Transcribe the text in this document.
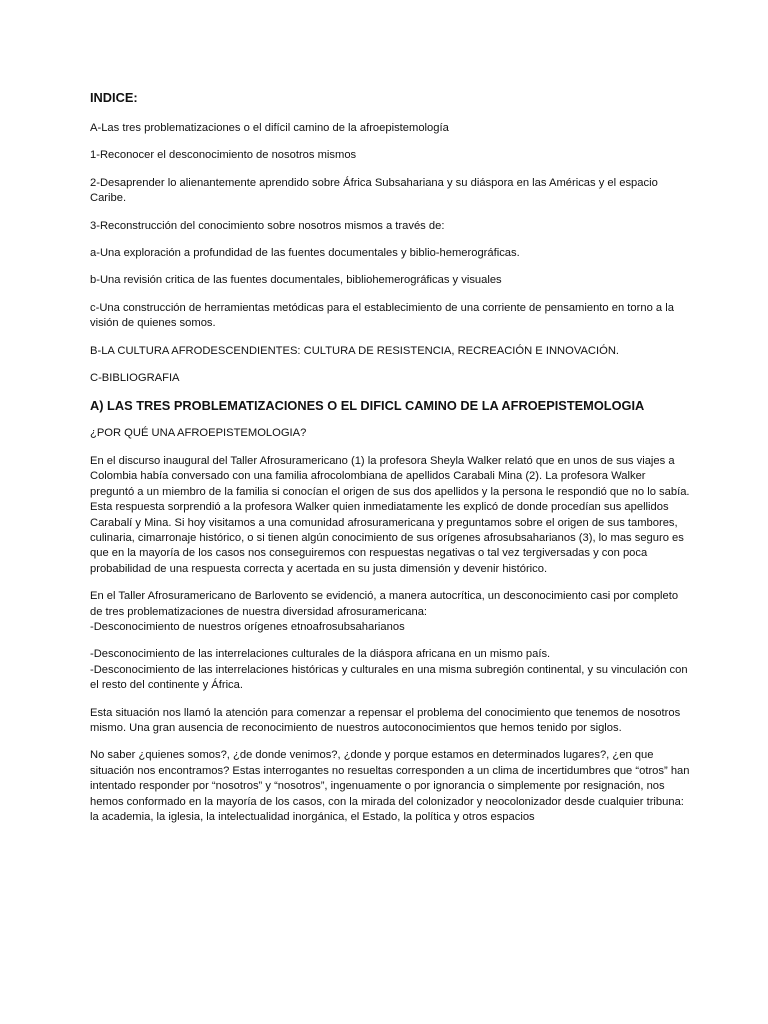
INDICE:

A-Las tres problematizaciones o el difícil camino de la afroepistemología

1-Reconocer el desconocimiento de nosotros mismos

2-Desaprender lo alienantemente aprendido sobre África Subsahariana y su diáspora en las Américas y el espacio Caribe.

3-Reconstrucción del conocimiento sobre nosotros mismos a través de:

a-Una exploración a profundidad de las fuentes documentales y biblio-hemerográficas.

b-Una revisión critica de las fuentes documentales, bibliohemerográficas y visuales

c-Una construcción de herramientas metódicas para el establecimiento de una corriente de pensamiento en torno a la visión de quienes somos.

B-LA CULTURA AFRODESCENDIENTES: CULTURA DE RESISTENCIA, RECREACIÓN E INNOVACIÓN.

C-BIBLIOGRAFIA

A) LAS TRES PROBLEMATIZACIONES O EL DIFICL CAMINO DE LA AFROEPISTEMOLOGIA

¿POR QUÉ UNA AFROEPISTEMOLOGIA?

En el discurso inaugural del Taller Afrosuramericano (1) la profesora Sheyla Walker relató que en unos de sus viajes a Colombia había conversado con una familia afrocolombiana de apellidos Carabali Mina (2). La profesora Walker preguntó a un miembro de la familia si conocían el origen de sus dos apellidos y la persona le respondió que no lo sabía. Esta respuesta sorprendió a la profesora Walker quien inmediatamente les explicó de donde procedían sus apellidos Carabalí y Mina. Si hoy visitamos a una comunidad afrosuramericana y preguntamos sobre el origen de sus tambores, culinaria, cimarronaje histórico, o si tienen algún conocimiento de sus orígenes afrosubsaharianos (3), lo mas seguro es que en la mayoría de los casos nos conseguiremos con respuestas negativas o tal vez tergiversadas y con poca probabilidad de una respuesta correcta y acertada en su justa dimensión y devenir histórico.

En el Taller Afrosuramericano de Barlovento se evidenció, a manera autocrítica, un desconocimiento casi por completo de tres problematizaciones de nuestra diversidad afrosuramericana:

-Desconocimiento de nuestros orígenes etnoafrosubsaharianos

-Desconocimiento de las interrelaciones culturales de la diáspora africana en un mismo país.

-Desconocimiento de las interrelaciones históricas y culturales en una misma subregión continental, y su vinculación con el resto del continente y África.

Esta situación nos llamó la atención para comenzar a repensar el problema del conocimiento que tenemos de nosotros mismo. Una gran ausencia de reconocimiento de nuestros autoconocimientos que hemos tenido por siglos.

No saber ¿quienes somos?, ¿de donde venimos?, ¿donde y porque estamos en determinados lugares?, ¿en que situación nos encontramos? Estas interrogantes no resueltas corresponden a un clima de incertidumbres que “otros” han intentado responder por “nosotros” y “nosotros”, ingenuamente o por ignorancia o simplemente por resignación, nos hemos conformado en la mayoría de los casos, con la mirada del colonizador y neocolonizador desde cualquier tribuna: la academia, la iglesia, la intelectualidad inorgánica, el Estado, la política y otros espacios
